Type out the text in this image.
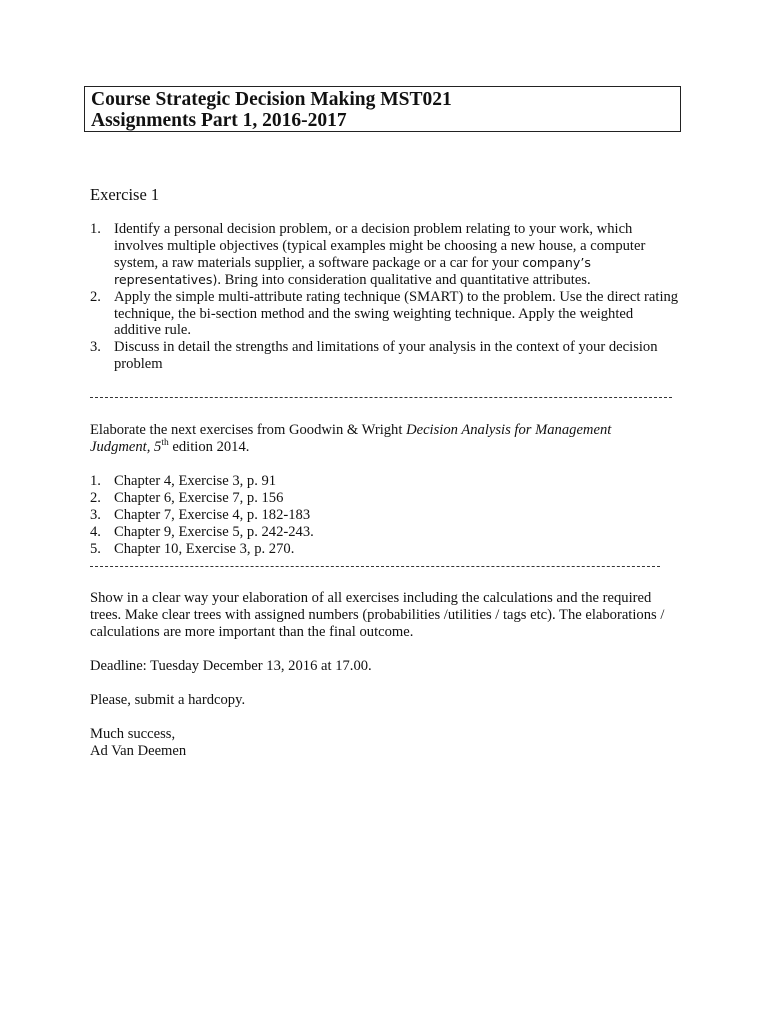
Course Strategic Decision Making MST021
Assignments Part 1, 2016-2017
Exercise 1
1. Identify a personal decision problem, or a decision problem relating to your work, which involves multiple objectives (typical examples might be choosing a new house, a computer system, a raw materials supplier, a software package or a car for your company’s representatives). Bring into consideration qualitative and quantitative attributes.
2. Apply the simple multi-attribute rating technique (SMART) to the problem. Use the direct rating technique, the bi-section method and the swing weighting technique. Apply the weighted additive rule.
3. Discuss in detail the strengths and limitations of your analysis in the context of your decision problem
Elaborate the next exercises from Goodwin & Wright Decision Analysis for Management
Judgment, 5th edition 2014.
1. Chapter 4, Exercise 3, p. 91
2. Chapter 6, Exercise 7, p. 156
3. Chapter 7, Exercise 4, p. 182-183
4. Chapter 9, Exercise 5, p. 242-243.
5. Chapter 10, Exercise 3, p. 270.
Show in a clear way your elaboration of all exercises including the calculations and the required trees. Make clear trees with assigned numbers (probabilities /utilities / tags etc). The elaborations / calculations are more important than the final outcome.
Deadline: Tuesday December 13, 2016 at 17.00.
Please, submit a hardcopy.
Much success,
Ad Van Deemen
